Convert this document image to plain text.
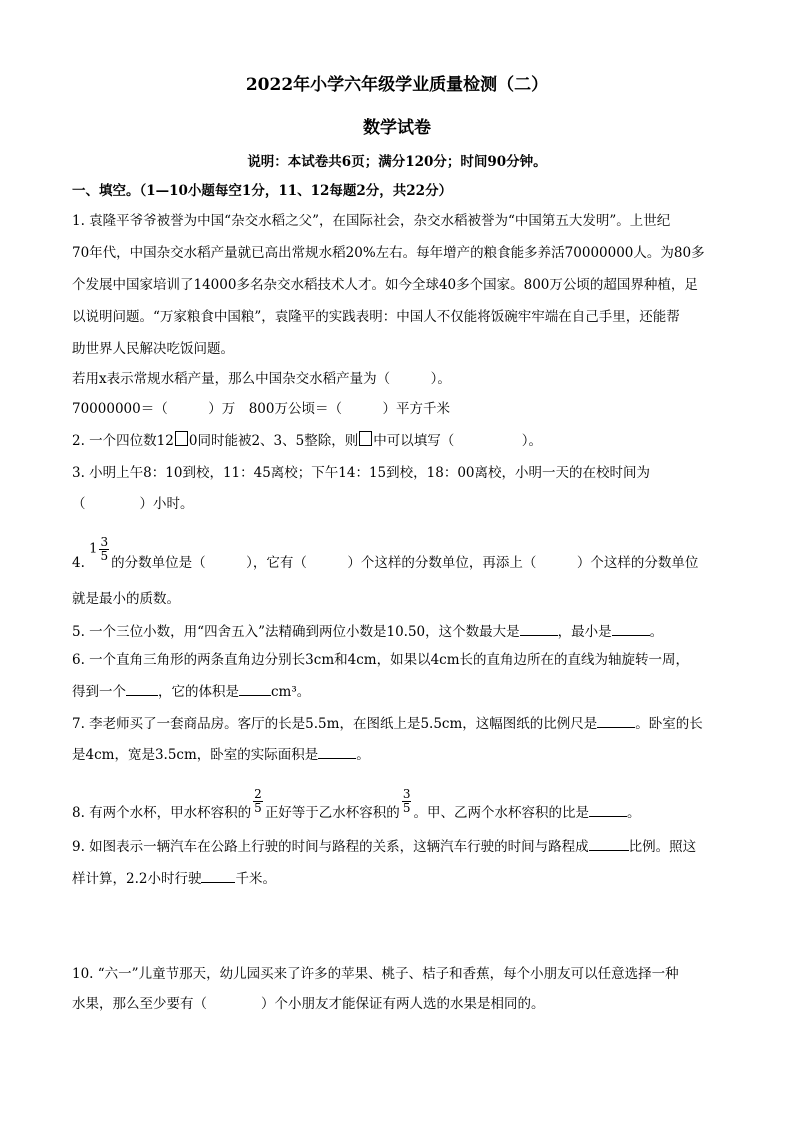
2022年小学六年级学业质量检测（二）
数学试卷
说明：本试卷共6页；满分120分；时间90分钟。
一、填空。（1—10小题每空1分，11、12每题2分，共22分）
1. 袁隆平爷爷被誉为中国“杂交水稻之父”，在国际社会，杂交水稻被誉为“中国第五大发明”。上世纪
70年代，中国杂交水稻产量就已高出常规水稻20%左右。每年增产的粮食能多养活70000000人。为80多
个发展中国家培训了14000多名杂交水稻技术人才。如今全球40多个国家。800万公顷的超国界种植，足
以说明问题。“万家粮食中国粮”，袁隆平的实践表明：中国人不仅能将饭碗牢牢端在自己手里，还能帮
助世界人民解决吃饭问题。
若用x表示常规水稻产量，那么中国杂交水稻产量为（　　　）。
70000000＝（　　　）万　800万公顷＝（　　　）平方千米
2. 一个四位数12 0同时能被2、3、5整除，则 中可以填写（　　　　　）。
3. 小明上午8：10到校，11：45离校；下午14：15到校，18：00离校，小明一天的在校时间为
（　　　　）小时。
4. $1 \frac{3}{5}$ 的分数单位是（　　　），它有（　　　）个这样的分数单位，再添上（　　　）个这样的分数单位
就是最小的质数。
5. 一个三位小数，用“四舍五入”法精确到两位小数是10.50，这个数最大是	，最小是	。
6. 一个直角三角形的两条直角边分别长3cm和4cm，如果以4cm长的直角边所在的直线为轴旋转一周，
得到一个 ，它的体积是 cm³。
7. 李老师买了一套商品房。客厅的长是5.5m，在图纸上是5.5cm，这幅图纸的比例尺是	。卧室的长
是4cm，宽是3.5cm，卧室的实际面积是	。
8. 有两个水杯，甲水杯容积的 $\frac{2}{5}$ 正好等于乙水杯容积的 $\frac{3}{5}$ 。甲、乙两个水杯容积的比是	。
9. 如图表示一辆汽车在公路上行驶的时间与路程的关系，这辆汽车行驶的时间与路程成	比例。照这
样计算，2.2小时行驶	千米。
10. “六一”儿童节那天，幼儿园买来了许多的苹果、桃子、桔子和香蕉，每个小朋友可以任意选择一种
水果，那么至少要有（　　　　）个小朋友才能保证有两人选的水果是相同的。
